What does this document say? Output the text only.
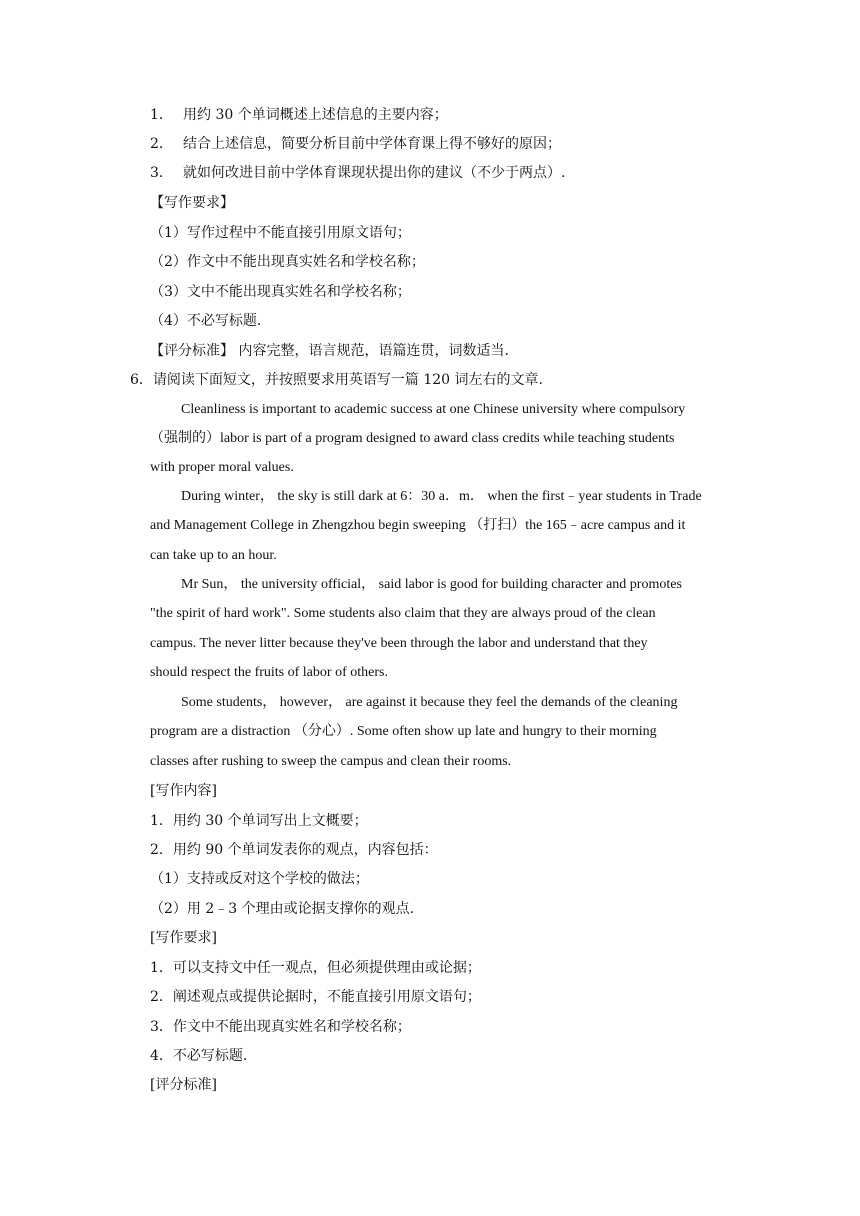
1． 用约 30 个单词概述上述信息的主要内容；
2． 结合上述信息，简要分析目前中学体育课上得不够好的原因；
3． 就如何改进目前中学体育课现状提出你的建议（不少于两点）.
【写作要求】
（1）写作过程中不能直接引用原文语句；
（2）作文中不能出现真实姓名和学校名称；
（3）文中不能出现真实姓名和学校名称；
（4）不必写标题.
【评分标准】 内容完整，语言规范，语篇连贯，词数适当.
6．请阅读下面短文，并按照要求用英语写一篇 120 词左右的文章.
Cleanliness is important to academic success at one Chinese university where compulsory
（强制的）labor is part of a program designed to award class credits while teaching students
with proper moral values.
During winter， the sky is still dark at 6：30 a．m． when the first﹣year students in Trade
and Management College in Zhengzhou begin sweeping （打扫）the 165﹣acre campus and it
can take up to an hour.
Mr Sun， the university official， said labor is good for building character and promotes
"the spirit of hard work". Some students also claim that they are always proud of the clean
campus. The never litter because they've been through the labor and understand that they
should respect the fruits of labor of others.
Some students， however， are against it because they feel the demands of the cleaning
program are a distraction （分心）. Some often show up late and hungry to their morning
classes after rushing to sweep the campus and clean their rooms.
[写作内容]
1．用约 30 个单词写出上文概要；
2．用约 90 个单词发表你的观点，内容包括：
（1）支持或反对这个学校的做法；
（2）用 2﹣3 个理由或论据支撑你的观点.
[写作要求]
1．可以支持文中任一观点，但必须提供理由或论据；
2．阐述观点或提供论据时，不能直接引用原文语句；
3．作文中不能出现真实姓名和学校名称；
4．不必写标题.
[评分标准]
